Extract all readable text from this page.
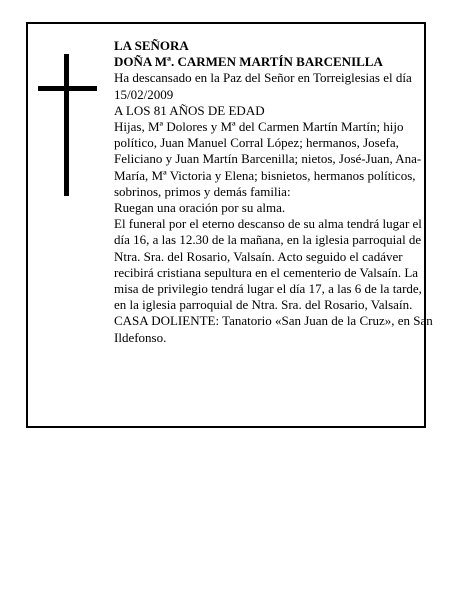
LA SEÑORA

DOÑA Mª. CARMEN MARTÍN BARCENILLA

Ha descansado en la Paz del Señor en Torreiglesias el día 15/02/2009

A LOS 81 AÑOS DE EDAD

Hijas, Mª Dolores y Mª del Carmen Martín Martín; hijo político, Juan Manuel Corral López; hermanos, Josefa, Feliciano y Juan Martín Barcenilla; nietos, José-Juan, Ana-María, Mª Victoria y Elena; bisnietos, hermanos políticos, sobrinos, primos y demás familia:

Ruegan una oración por su alma.

El funeral por el eterno descanso de su alma tendrá lugar el día 16, a las 12.30 de la mañana, en la iglesia parroquial de Ntra. Sra. del Rosario, Valsaín. Acto seguido el cadáver recibirá cristiana sepultura en el cementerio de Valsaín. La misa de privilegio tendrá lugar el día 17, a las 6 de la tarde, en la iglesia parroquial de Ntra. Sra. del Rosario, Valsaín.

CASA DOLIENTE: Tanatorio «San Juan de la Cruz», en San Ildefonso.
